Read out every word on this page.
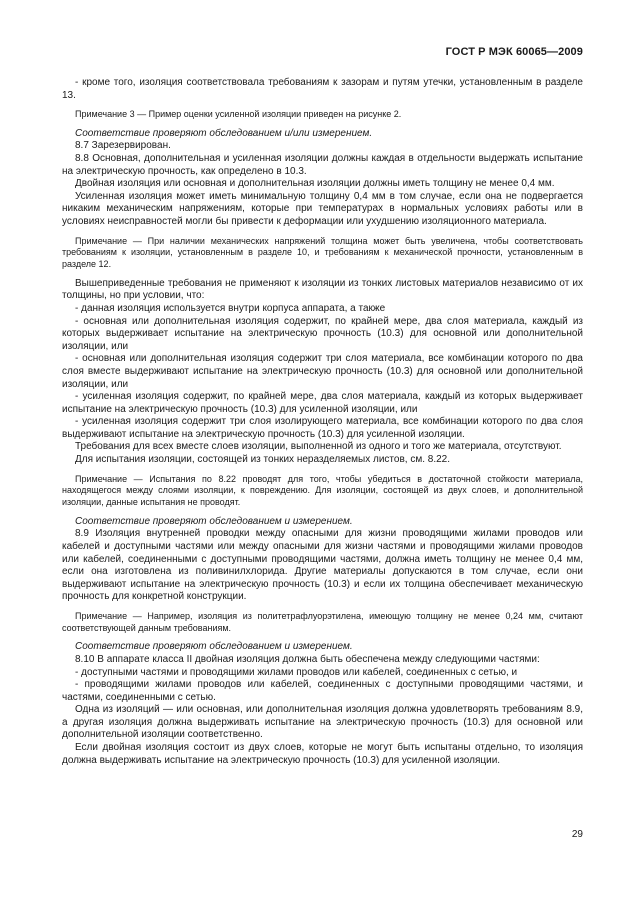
ГОСТ Р МЭК 60065—2009

- кроме того, изоляция соответствовала требованиям к зазорам и путям утечки, установленным в разделе 13.

Примечание 3 — Пример оценки усиленной изоляции приведен на рисунке 2.

Соответствие проверяют обследованием и/или измерением.

8.7 Зарезервирован.

8.8 Основная, дополнительная и усиленная изоляции должны каждая в отдельности выдержать испытание на электрическую прочность, как определено в 10.3.

Двойная изоляция или основная и дополнительная изоляции должны иметь толщину не менее 0,4 мм.

Усиленная изоляция может иметь минимальную толщину 0,4 мм в том случае, если она не подвергается никаким механическим напряжениям, которые при температурах в нормальных условиях работы или в условиях неисправностей могли бы привести к деформации или ухудшению изоляционного материала.

Примечание — При наличии механических напряжений толщина может быть увеличена, чтобы соответствовать требованиям к изоляции, установленным в разделе 10, и требованиям к механической прочности, установленным в разделе 12.

Вышеприведенные требования не применяют к изоляции из тонких листовых материалов независимо от их толщины, но при условии, что:

- данная изоляция используется внутри корпуса аппарата, а также

- основная или дополнительная изоляция содержит, по крайней мере, два слоя материала, каждый из которых выдерживает испытание на электрическую прочность (10.3) для основной или дополнительной изоляции, или

- основная или дополнительная изоляция содержит три слоя материала, все комбинации которого по два слоя вместе выдерживают испытание на электрическую прочность (10.3) для основной или дополнительной изоляции, или

- усиленная изоляция содержит, по крайней мере, два слоя материала, каждый из которых выдерживает испытание на электрическую прочность (10.3) для усиленной изоляции, или

- усиленная изоляция содержит три слоя изолирующего материала, все комбинации которого по два слоя выдерживают испытание на электрическую прочность (10.3) для усиленной изоляции.

Требования для всех вместе слоев изоляции, выполненной из одного и того же материала, отсутствуют.

Для испытания изоляции, состоящей из тонких неразделяемых листов, см. 8.22.

Примечание — Испытания по 8.22 проводят для того, чтобы убедиться в достаточной стойкости материала, находящегося между слоями изоляции, к повреждению. Для изоляции, состоящей из двух слоев, и дополнительной изоляции, данные испытания не проводят.

Соответствие проверяют обследованием и измерением.

8.9 Изоляция внутренней проводки между опасными для жизни проводящими жилами проводов или кабелей и доступными частями или между опасными для жизни частями и проводящими жилами проводов или кабелей, соединенными с доступными проводящими частями, должна иметь толщину не менее 0,4 мм, если она изготовлена из поливинилхлорида. Другие материалы допускаются в том случае, если они выдерживают испытание на электрическую прочность (10.3) и если их толщина обеспечивает механическую прочность для конкретной конструкции.

Примечание — Например, изоляция из политетрафлуорэтилена, имеющую толщину не менее 0,24 мм, считают соответствующей данным требованиям.

Соответствие проверяют обследованием и измерением.

8.10 В аппарате класса II двойная изоляция должна быть обеспечена между следующими частями:

- доступными частями и проводящими жилами проводов или кабелей, соединенных с сетью, и

- проводящими жилами проводов или кабелей, соединенных с доступными проводящими частями, и частями, соединенными с сетью.

Одна из изоляций — или основная, или дополнительная изоляция должна удовлетворять требованиям 8.9, а другая изоляция должна выдерживать испытание на электрическую прочность (10.3) для основной или дополнительной изоляции соответственно.

Если двойная изоляция состоит из двух слоев, которые не могут быть испытаны отдельно, то изоляция должна выдерживать испытание на электрическую прочность (10.3) для усиленной изоляции.

29
